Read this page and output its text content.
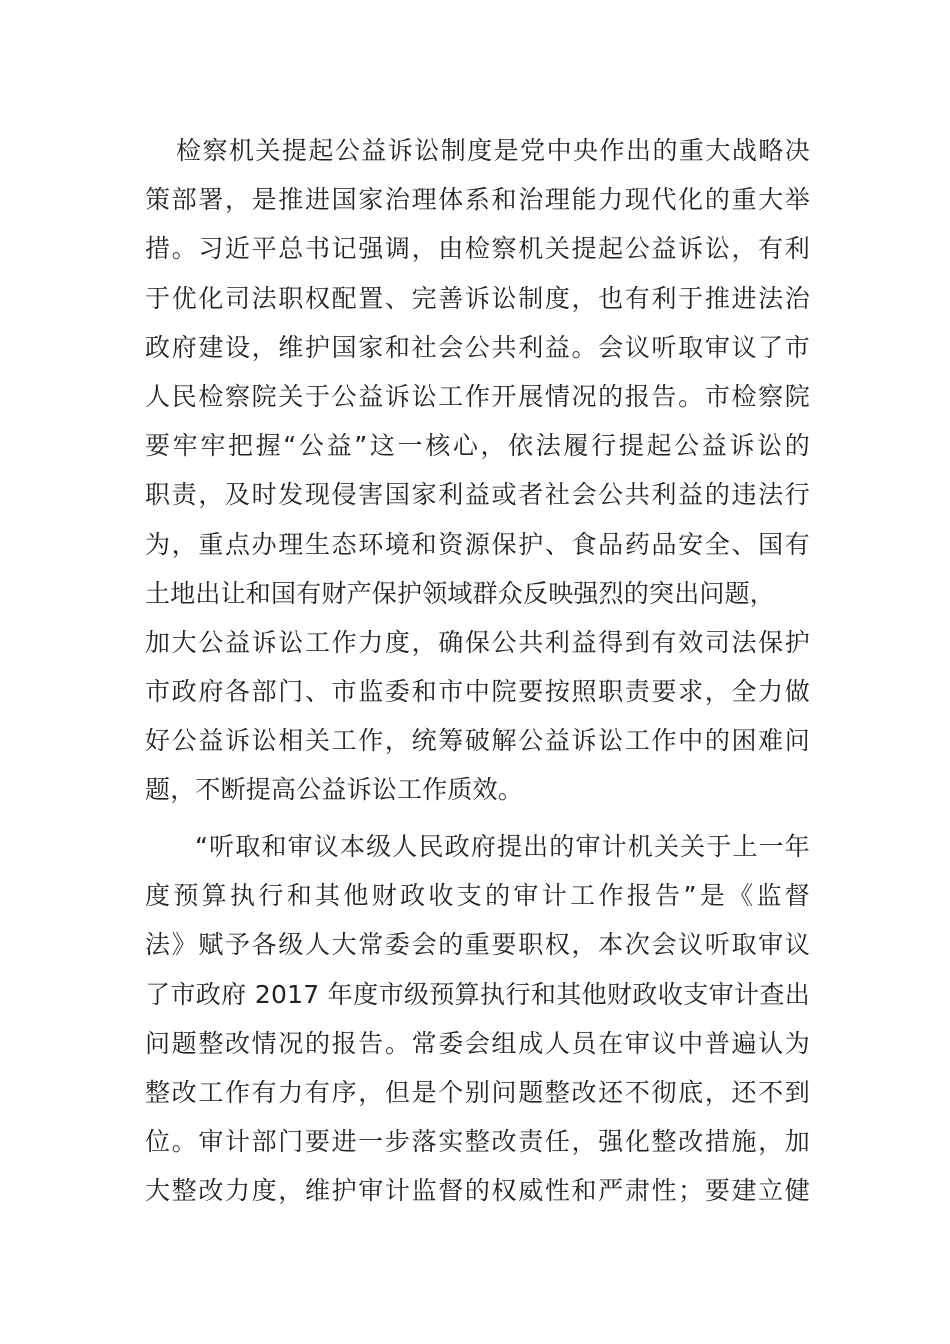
检察机关提起公益诉讼制度是党中央作出的重大战略决
策部署，是推进国家治理体系和治理能力现代化的重大举
措。习近平总书记强调，由检察机关提起公益诉讼，有利
于优化司法职权配置、完善诉讼制度，也有利于推进法治
政府建设，维护国家和社会公共利益。会议听取审议了市
人民检察院关于公益诉讼工作开展情况的报告。市检察院
要牢牢把握“公益”这一核心，依法履行提起公益诉讼的
职责，及时发现侵害国家利益或者社会公共利益的违法行
为，重点办理生态环境和资源保护、食品药品安全、国有
土地出让和国有财产保护领域群众反映强烈的突出问题，
加大公益诉讼工作力度，确保公共利益得到有效司法保护
市政府各部门、市监委和市中院要按照职责要求，全力做
好公益诉讼相关工作，统筹破解公益诉讼工作中的困难问
题，不断提高公益诉讼工作质效。
“听取和审议本级人民政府提出的审计机关关于上一年
度预算执行和其他财政收支的审计工作报告”是《监督
法》赋予各级人大常委会的重要职权，本次会议听取审议
了市政府 2017 年度市级预算执行和其他财政收支审计查出
问题整改情况的报告。常委会组成人员在审议中普遍认为
整改工作有力有序，但是个别问题整改还不彻底，还不到
位。审计部门要进一步落实整改责任，强化整改措施，加
大整改力度，维护审计监督的权威性和严肃性；要建立健
